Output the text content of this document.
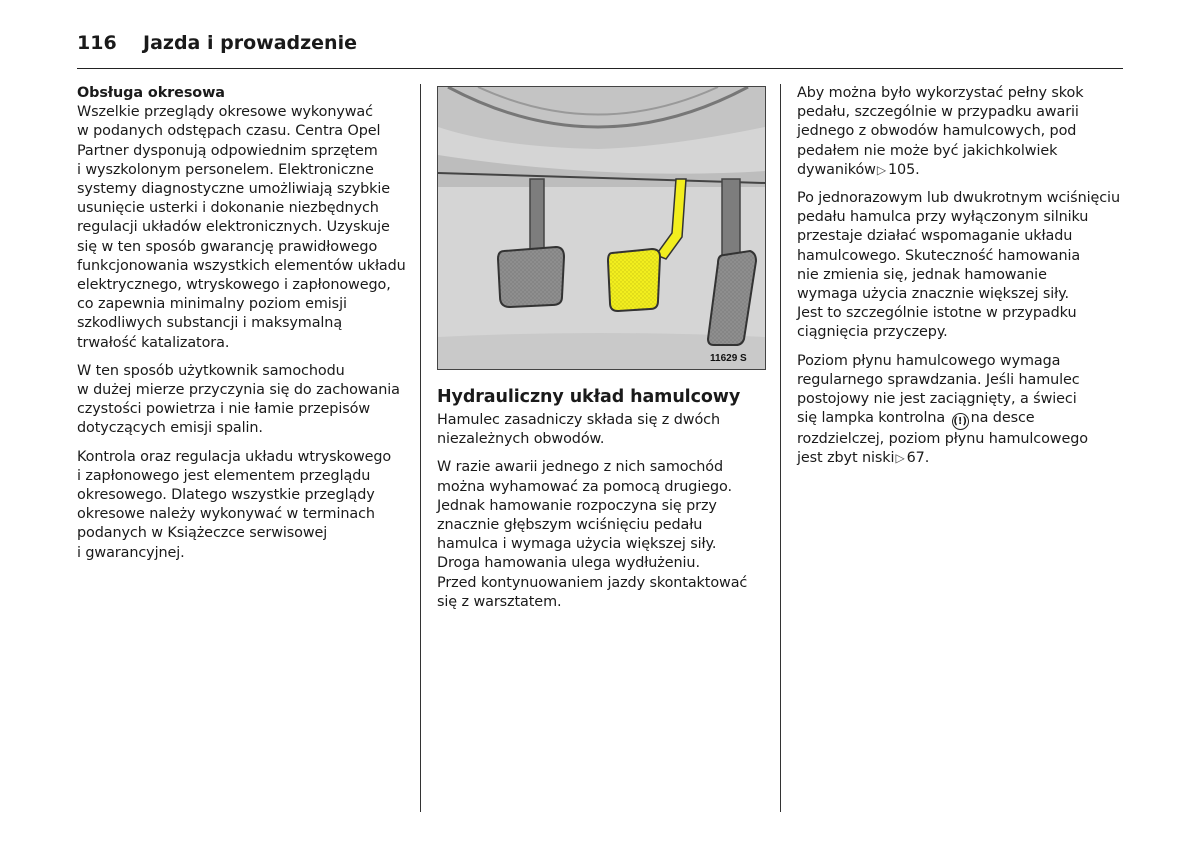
116 Jazda i prowadzenie
Obsługa okresowa
Wszelkie przeglądy okresowe wykonywać
w podanych odstępach czasu. Centra Opel
Partner dysponują odpowiednim sprzętem
i wyszkolonym personelem. Elektroniczne
systemy diagnostyczne umożliwiają szybkie
usunięcie usterki i dokonanie niezbędnych
regulacji układów elektronicznych. Uzyskuje
się w ten sposób gwarancję prawidłowego
funkcjonowania wszystkich elementów układu
elektrycznego, wtryskowego i zapłonowego,
co zapewnia minimalny poziom emisji
szkodliwych substancji i maksymalną
trwałość katalizatora.
W ten sposób użytkownik samochodu
w dużej mierze przyczynia się do zachowania
czystości powietrza i nie łamie przepisów
dotyczących emisji spalin.
Kontrola oraz regulacja układu wtryskowego
i zapłonowego jest elementem przeglądu
okresowego. Dlatego wszystkie przeglądy
okresowe należy wykonywać w terminach
podanych w Książeczce serwisowej
i gwarancyjnej.
11629 S
Hydrauliczny układ hamulcowy
Hamulec zasadniczy składa się z dwóch
niezależnych obwodów.
W razie awarii jednego z nich samochód
można wyhamować za pomocą drugiego.
Jednak hamowanie rozpoczyna się przy
znacznie głębszym wciśnięciu pedału
hamulca i wymaga użycia większej siły.
Droga hamowania ulega wydłużeniu.
Przed kontynuowaniem jazdy skontaktować
się z warsztatem.
Aby można było wykorzystać pełny skok
pedału, szczególnie w przypadku awarii
jednego z obwodów hamulcowych, pod
pedałem nie może być jakichkolwiek
dywaników▷ 105.
Po jednorazowym lub dwukrotnym wciśnięciu
pedału hamulca przy wyłączonym silniku
przestaje działać wspomaganie układu
hamulcowego. Skuteczność hamowania
nie zmienia się, jednak hamowanie
wymaga użycia znacznie większej siły.
Jest to szczególnie istotne w przypadku
ciągnięcia przyczepy.
Poziom płynu hamulcowego wymaga
regularnego sprawdzania. Jeśli hamulec
postojowy nie jest zaciągnięty, a świeci
się lampka kontrolna (!) na desce
rozdzielczej, poziom płynu hamulcowego
jest zbyt niski▷ 67.
